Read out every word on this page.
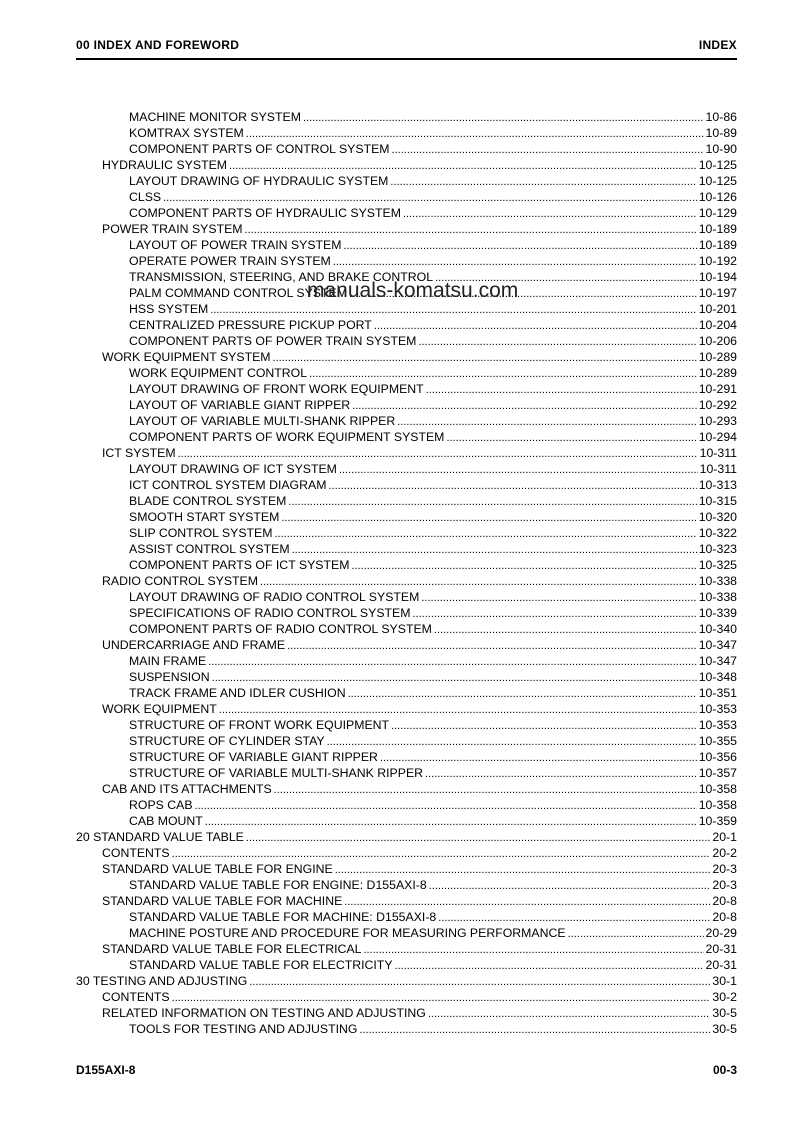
00 INDEX AND FOREWORD	INDEX
MACHINE MONITOR SYSTEM .....	10-86
KOMTRAX SYSTEM .....	10-89
COMPONENT PARTS OF CONTROL SYSTEM .....	10-90
HYDRAULIC SYSTEM .....	10-125
LAYOUT DRAWING OF HYDRAULIC SYSTEM .....	10-125
CLSS .....	10-126
COMPONENT PARTS OF HYDRAULIC SYSTEM .....	10-129
POWER TRAIN SYSTEM .....	10-189
LAYOUT OF POWER TRAIN SYSTEM .....	10-189
OPERATE POWER TRAIN SYSTEM .....	10-192
TRANSMISSION, STEERING, AND BRAKE CONTROL .....	10-194
PALM COMMAND CONTROL SYSTEM .....	10-197
HSS SYSTEM .....	10-201
CENTRALIZED PRESSURE PICKUP PORT .....	10-204
COMPONENT PARTS OF POWER TRAIN SYSTEM .....	10-206
WORK EQUIPMENT SYSTEM .....	10-289
WORK EQUIPMENT CONTROL .....	10-289
LAYOUT DRAWING OF FRONT WORK EQUIPMENT .....	10-291
LAYOUT OF VARIABLE GIANT RIPPER .....	10-292
LAYOUT OF VARIABLE MULTI-SHANK RIPPER .....	10-293
COMPONENT PARTS OF WORK EQUIPMENT SYSTEM .....	10-294
ICT SYSTEM .....	10-311
LAYOUT DRAWING OF ICT SYSTEM .....	10-311
ICT CONTROL SYSTEM DIAGRAM .....	10-313
BLADE CONTROL SYSTEM .....	10-315
SMOOTH START SYSTEM .....	10-320
SLIP CONTROL SYSTEM .....	10-322
ASSIST CONTROL SYSTEM .....	10-323
COMPONENT PARTS OF ICT SYSTEM .....	10-325
RADIO CONTROL SYSTEM .....	10-338
LAYOUT DRAWING OF RADIO CONTROL SYSTEM .....	10-338
SPECIFICATIONS OF RADIO CONTROL SYSTEM .....	10-339
COMPONENT PARTS OF RADIO CONTROL SYSTEM .....	10-340
UNDERCARRIAGE AND FRAME .....	10-347
MAIN FRAME .....	10-347
SUSPENSION .....	10-348
TRACK FRAME AND IDLER CUSHION .....	10-351
WORK EQUIPMENT .....	10-353
STRUCTURE OF FRONT WORK EQUIPMENT .....	10-353
STRUCTURE OF CYLINDER STAY .....	10-355
STRUCTURE OF VARIABLE GIANT RIPPER .....	10-356
STRUCTURE OF VARIABLE MULTI-SHANK RIPPER .....	10-357
CAB AND ITS ATTACHMENTS .....	10-358
ROPS CAB .....	10-358
CAB MOUNT .....	10-359
20 STANDARD VALUE TABLE .....	20-1
CONTENTS .....	20-2
STANDARD VALUE TABLE FOR ENGINE .....	20-3
STANDARD VALUE TABLE FOR ENGINE: D155AXI-8 .....	20-3
STANDARD VALUE TABLE FOR MACHINE .....	20-8
STANDARD VALUE TABLE FOR MACHINE: D155AXI-8 .....	20-8
MACHINE POSTURE AND PROCEDURE FOR MEASURING PERFORMANCE .....	20-29
STANDARD VALUE TABLE FOR ELECTRICAL .....	20-31
STANDARD VALUE TABLE FOR ELECTRICITY .....	20-31
30 TESTING AND ADJUSTING .....	30-1
CONTENTS .....	30-2
RELATED INFORMATION ON TESTING AND ADJUSTING .....	30-5
TOOLS FOR TESTING AND ADJUSTING .....	30-5
manuals-komatsu.com
D155AXI-8	00-3
